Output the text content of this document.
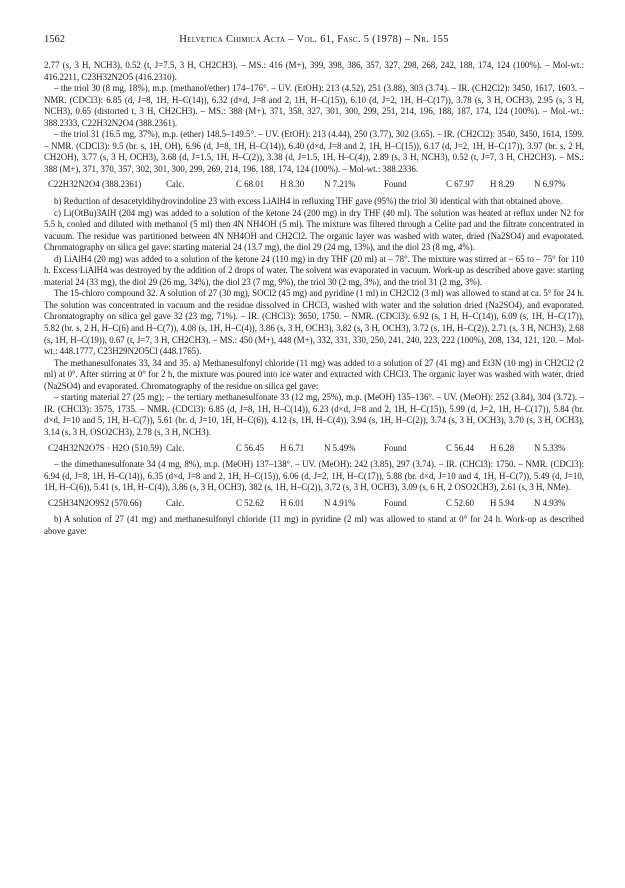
1562	Helvetica Chimica Acta – Vol. 61, Fasc. 5 (1978) – Nr. 155

2.77 (s, 3 H, NCH3), 0.52 (t, J=7.5, 3 H, CH2CH3). – MS.: 416 (M+), 399, 398, 386, 357, 327, 298, 268, 242, 188, 174, 124 (100%). – Mol-wt.: 416.2211, C23H32N2O5 (416.2310).

– the triol 30 (8 mg, 18%), m.p. (methanol/ether) 174–176°. – UV. (EtOH): 213 (4.52), 251 (3.88), 303 (3.74). – IR. (CH2Cl2): 3450, 1617, 1603. – NMR. (CDCl3): 6.85 (d, J=8, 1H, H–C(14)), 6.32 (d×d, J=8 and 2, 1H, H–C(15)), 6.10 (d, J=2, 1H, H–C(17)), 3.78 (s, 3 H, OCH3), 2.95 (s, 3 H, NCH3), 0.65 (distorted t, 3 H, CH2CH3). – MS.: 388 (M+), 371, 358, 327, 301, 300, 299, 251, 214, 196, 188, 187, 174, 124 (100%). – Mol.-wt.: 388.2333, C22H32N2O4 (388.2361).

– the triol 31 (16.5 mg, 37%), m.p. (ether) 148.5–149.5°. – UV. (EtOH): 213 (4.44), 250 (3.77), 302 (3.65). – IR. (CH2Cl2): 3540, 3450, 1614, 1599. – NMR. (CDCl3): 9.5 (br. s, 1H, OH), 6.96 (d, J=8, 1H, H–C(14)), 6.40 (d×d, J=8 and 2, 1H, H–C(15)), 6.17 (d, J=2, 1H, H–C(17)), 3.97 (br. s, 2 H, CH2OH), 3.77 (s, 3 H, OCH3), 3.68 (d, J=1.5, 1H, H–C(2)), 3.38 (d, J=1.5, 1H, H–C(4)), 2.89 (s, 3 H, NCH3), 0.52 (t, J=7, 3 H, CH2CH3). – MS.: 388 (M+), 371, 370, 357, 302, 301, 300, 299, 269, 214, 196, 188, 174, 124 (100%). – Mol-wt.: 388.2336.

C22H32N2O4 (388.2361)	Calc.	C 68.01	H 8.30	N 7.21%	Found	C 67.97	H 8.29	N 6.97%

b) Reduction of desacetyldihydrovindoline 23 with excess LiAlH4 in refluxing THF gave (95%) the triol 30 identical with that obtained above.

c) Li(OtBu)3AlH (204 mg) was added to a solution of the ketone 24 (200 mg) in dry THF (40 ml). The solution was heated at reflux under N2 for 5.5 h, cooled and diluted with methanol (5 ml) then 4N NH4OH (5 ml). The mixture was filtered through a Celite pad and the filtrate concentrated in vacuum. The residue was partitioned between 4N NH4OH and CH2Cl2. The organic layer was washed with water, dried (Na2SO4) and evaporated. Chromatography on silica gel gave: starting material 24 (13.7 mg), the diol 29 (24 mg, 13%), and the diol 23 (8 mg, 4%).

d) LiAlH4 (20 mg) was added to a solution of the ketone 24 (110 mg) in dry THF (20 ml) at – 78°. The mixture was stirred at – 65 to – 75° for 110 h. Excess LiAlH4 was destroyed by the addition of 2 drops of water. The solvent was evaporated in vacuum. Work-up as described above gave: starting material 24 (33 mg), the diol 29 (26 mg, 34%), the diol 23 (7 mg, 9%), the triol 30 (2 mg, 3%), and the triol 31 (2 mg, 3%).

The 15-chloro compound 32. A solution of 27 (30 mg), SOCl2 (45 mg) and pyridine (1 ml) in CH2Cl2 (3 ml) was allowed to stand at ca. 5° for 24 h. The solution was concentrated in vacuum and the residue dissolved in CHCl3, washed with water and the solution dried (Na2SO4), and evaporated. Chromatography on silica gel gave 32 (23 mg, 71%). – IR. (CHCl3): 3650, 1750. – NMR. (CDCl3): 6.92 (s, 1 H, H–C(14)), 6.09 (s, 1H, H–C(17)), 5.82 (br. s, 2 H, H–C(6) and H–C(7)), 4.08 (s, 1H, H–C(4)), 3.86 (s, 3 H, OCH3), 3.82 (s, 3 H, OCH3), 3.72 (s, 1H, H–C(2)), 2.71 (s, 3 H, NCH3), 2.68 (s, 1H, H–C(19)), 0.67 (t, J=7, 3 H, CH2CH3). – MS.: 450 (M+), 448 (M+), 332, 331, 330, 250, 241, 240, 223, 222 (100%), 208, 134, 121, 120. – Mol-wt.: 448.1777, C23H29N2O5Cl (448.1765).

The methanesulfonates 33, 34 and 35. a) Methanesulfonyl chloride (11 mg) was added to a solution of 27 (41 mg) and Et3N (10 mg) in CH2Cl2 (2 ml) at 0°. After stirring at 0° for 2 h, the mixture was poured into ice water and extracted with CHCl3. The organic layer was washed with water, dried (Na2SO4) and evaporated. Chromatography of the residue on silica gel gave:

– starting material 27 (25 mg); – the tertiary methanesulfonate 33 (12 mg, 25%), m.p. (MeOH) 135–136°. – UV. (MeOH): 252 (3.84), 304 (3.72). – IR. (CHCl3): 3575, 1735. – NMR. (CDCl3): 6.85 (d, J=8, 1H, H–C(14)), 6.23 (d×d, J=8 and 2, 1H, H–C(15)), 5.99 (d, J=2, 1H, H–C(17)), 5.84 (br. d×d, J=10 and 5, 1H, H–C(7)), 5.61 (br. d, J=10, 1H, H–C(6)), 4.12 (s, 1H, H–C(4)), 3.94 (s, 1H, H–C(2)), 3.74 (s, 3 H, OCH3), 3.70 (s, 3 H, OCH3), 3.14 (s, 3 H, OSO2CH3), 2.78 (s, 3 H, NCH3).

C24H32N2O7S · H2O (510.59) Calc.	C 56.45	H 6.71	N 5.49%	Found	C 56.44	H 6.28	N 5.33%

– the dimethanesulfonate 34 (4 mg, 8%), m.p. (MeOH) 137–138°. – UV. (MeOH): 242 (3.85), 297 (3.74). – IR. (CHCl3): 1750. – NMR. (CDCl3): 6.94 (d, J=8, 1H, H–C(14)), 6.35 (d×d, J=8 and 2, 1H, H–C(15)), 6.06 (d, J=2, 1H, H–C(17)), 5.88 (br. d×d, J=10 and 4, 1H, H–C(7)), 5.49 (d, J=10, 1H, H–C(6)), 5.41 (s, 1H, H–C(4)), 3.86 (s, 3 H, OCH3), 382 (s, 1H, H–C(2)), 3.72 (s, 3 H, OCH3), 3.09 (s, 6 H, 2 OSO2CH3), 2.61 (s, 3 H, NMe).

C25H34N2O9S2 (570.66)	Calc.	C 52.62	H 6.01	N 4.91%	Found	C 52.60	H 5.94	N 4.93%

b) A solution of 27 (41 mg) and methanesulfonyl chloride (11 mg) in pyridine (2 ml) was allowed to stand at 0° for 24 h. Work-up as described above gave:
